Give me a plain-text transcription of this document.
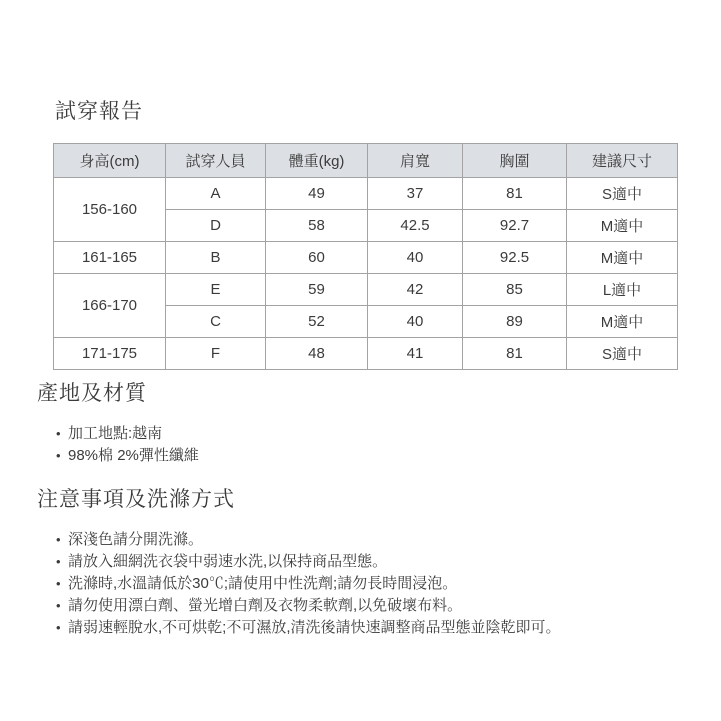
試穿報告
身高(cm)	試穿人員	體重(kg)	肩寬	胸圍	建議尺寸
156-160	A	49	37	81	S適中
	D	58	42.5	92.7	M適中
161-165	B	60	40	92.5	M適中
166-170	E	59	42	85	L適中
	C	52	40	89	M適中
171-175	F	48	41	81	S適中
產地及材質
• 加工地點:越南
• 98%棉 2%彈性纖維
注意事項及洗滌方式
• 深淺色請分開洗滌。
• 請放入細網洗衣袋中弱速水洗,以保持商品型態。
• 洗滌時,水溫請低於30℃;請使用中性洗劑;請勿長時間浸泡。
• 請勿使用漂白劑、螢光增白劑及衣物柔軟劑,以免破壞布料。
• 請弱速輕脫水,不可烘乾;不可濕放,清洗後請快速調整商品型態並陰乾即可。
